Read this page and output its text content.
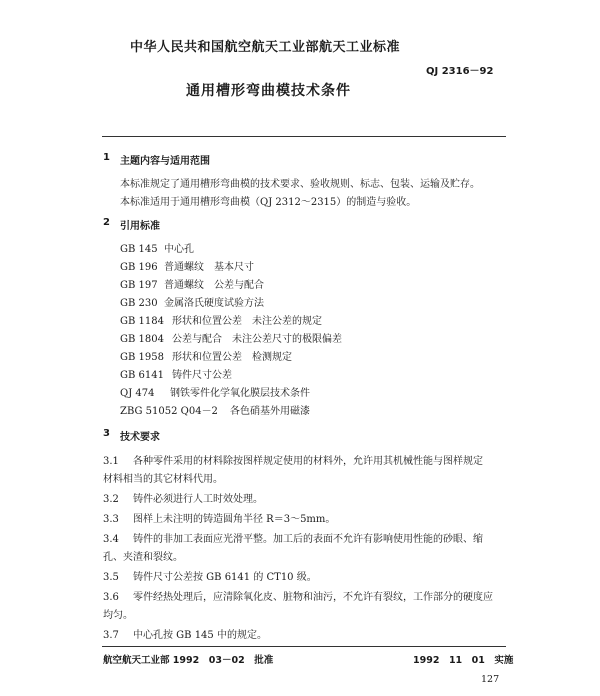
中华人民共和国航空航天工业部航天工业标准
QJ 2316－92
通用槽形弯曲模技术条件
1 主题内容与适用范围
本标准规定了通用槽形弯曲模的技术要求、验收规则、标志、包装、运输及贮存。
本标准适用于通用槽形弯曲模（QJ 2312～2315）的制造与验收。
2 引用标准
GB 145 中心孔
GB 196 普通螺纹　基本尺寸
GB 197 普通螺纹　公差与配合
GB 230 金属洛氏硬度试验方法
GB 1184 形状和位置公差　未注公差的规定
GB 1804 公差与配合　未注公差尺寸的极限偏差
GB 1958 形状和位置公差　检测规定
GB 6141 铸件尺寸公差
QJ 474 钢铁零件化学氧化膜层技术条件
ZBG 51052 Q04－2 各色硝基外用磁漆
3 技术要求
3.1 各种零件采用的材料除按图样规定使用的材料外，允许用其机械性能与图样规定
材料相当的其它材料代用。
3.2 铸件必须进行人工时效处理。
3.3 图样上未注明的铸造圆角半径 R＝3～5mm。
3.4 铸件的非加工表面应光滑平整。加工后的表面不允许有影响使用性能的砂眼、缩
孔、夹渣和裂纹。
3.5 铸件尺寸公差按 GB 6141 的 CT10 级。
3.6 零件经热处理后，应清除氧化皮、脏物和油污，不允许有裂纹，工作部分的硬度应
均匀。
3.7 中心孔按 GB 145 中的规定。
航空航天工业部 1992　03－02　批准	1992　11　01　实施
127
